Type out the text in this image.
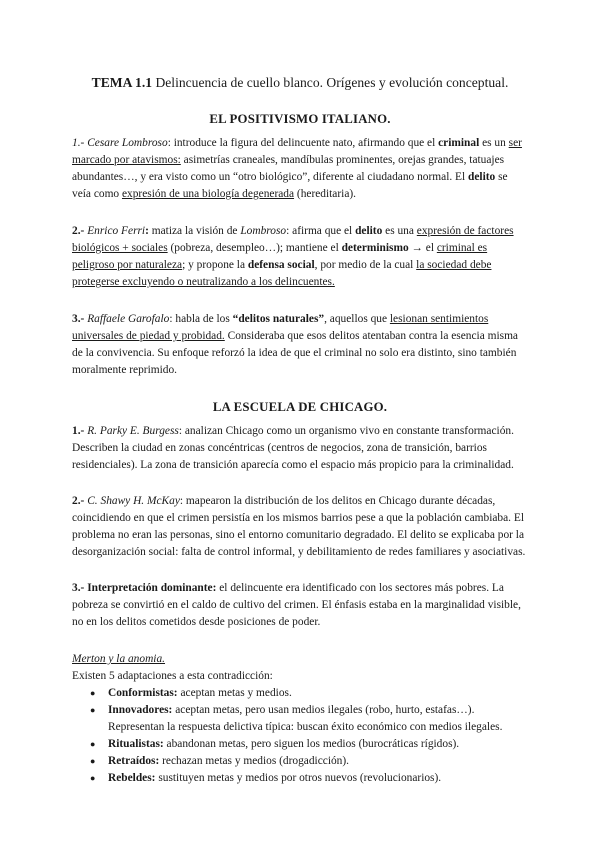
TEMA 1.1 Delincuencia de cuello blanco. Orígenes y evolución conceptual.
EL POSITIVISMO ITALIANO.

1.- Cesare Lombroso: introduce la figura del delincuente nato, afirmando que el criminal es un ser marcado por atavismos: asimetrías craneales, mandíbulas prominentes, orejas grandes, tatuajes abundantes…, y era visto como un “otro biológico”, diferente al ciudadano normal. El delito se veía como expresión de una biología degenerada (hereditaria).

2.- Enrico Ferri: matiza la visión de Lombroso: afirma que el delito es una expresión de factores biológicos + sociales (pobreza, desempleo…); mantiene el determinismo → el criminal es peligroso por naturaleza; y propone la defensa social, por medio de la cual la sociedad debe protegerse excluyendo o neutralizando a los delincuentes.

3.- Raffaele Garofalo: habla de los “delitos naturales”, aquellos que lesionan sentimientos universales de piedad y probidad. Consideraba que esos delitos atentaban contra la esencia misma de la convivencia. Su enfoque reforzó la idea de que el criminal no solo era distinto, sino también moralmente reprimido.

LA ESCUELA DE CHICAGO.

1.- R. Parky E. Burgess: analizan Chicago como un organismo vivo en constante transformación. Describen la ciudad en zonas concéntricas (centros de negocios, zona de transición, barrios residenciales). La zona de transición aparecía como el espacio más propicio para la criminalidad.

2.- C. Shawy H. McKay: mapearon la distribución de los delitos en Chicago durante décadas, coincidiendo en que el crimen persistía en los mismos barrios pese a que la población cambiaba. El problema no eran las personas, sino el entorno comunitario degradado. El delito se explicaba por la desorganización social: falta de control informal, y debilitamiento de redes familiares y asociativas.

3.- Interpretación dominante: el delincuente era identificado con los sectores más pobres. La pobreza se convirtió en el caldo de cultivo del crimen. El énfasis estaba en la marginalidad visible, no en los delitos cometidos desde posiciones de poder.

Merton y la anomia.

Existen 5 adaptaciones a esta contradicción:

● Conformistas: aceptan metas y medios.
● Innovadores: aceptan metas, pero usan medios ilegales (robo, hurto, estafas…). Representan la respuesta delictiva típica: buscan éxito económico con medios ilegales.
● Ritualistas: abandonan metas, pero siguen los medios (burocráticas rígidos).
● Retraídos: rechazan metas y medios (drogadicción).
● Rebeldes: sustituyen metas y medios por otros nuevos (revolucionarios).
